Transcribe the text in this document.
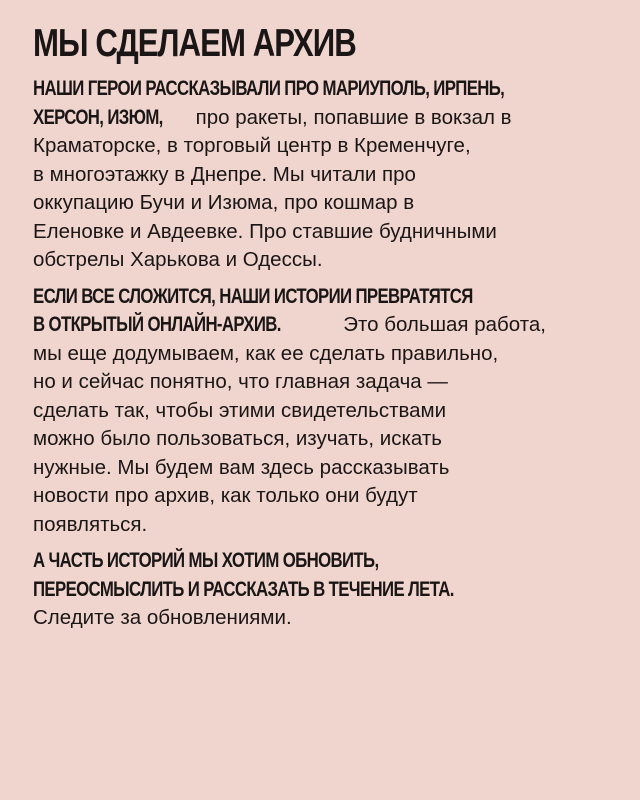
МЫ СДЕЛАЕМ АРХИВ
НАШИ ГЕРОИ РАССКАЗЫВАЛИ ПРО МАРИУПОЛЬ, ИРПЕНЬ,
ХЕРСОН, ИЗЮМ, про ракеты, попавшие в вокзал в
Краматорске, в торговый центр в Кременчуге,
в многоэтажку в Днепре. Мы читали про
оккупацию Бучи и Изюма, про кошмар в
Еленовке и Авдеевке. Про ставшие будничными
обстрелы Харькова и Одессы.
ЕСЛИ ВСЕ СЛОЖИТСЯ, НАШИ ИСТОРИИ ПРЕВРАТЯТСЯ
В ОТКРЫТЫЙ ОНЛАЙН-АРХИВ.	Это большая работа,
мы еще додумываем, как ее сделать правильно,
но и сейчас понятно, что главная задача —
сделать так, чтобы этими свидетельствами
можно было пользоваться, изучать, искать
нужные. Мы будем вам здесь рассказывать
новости про архив, как только они будут
появляться.
А ЧАСТЬ ИСТОРИЙ МЫ ХОТИМ ОБНОВИТЬ,
ПЕРЕОСМЫСЛИТЬ И РАССКАЗАТЬ В ТЕЧЕНИЕ ЛЕТА.
Следите за обновлениями.
